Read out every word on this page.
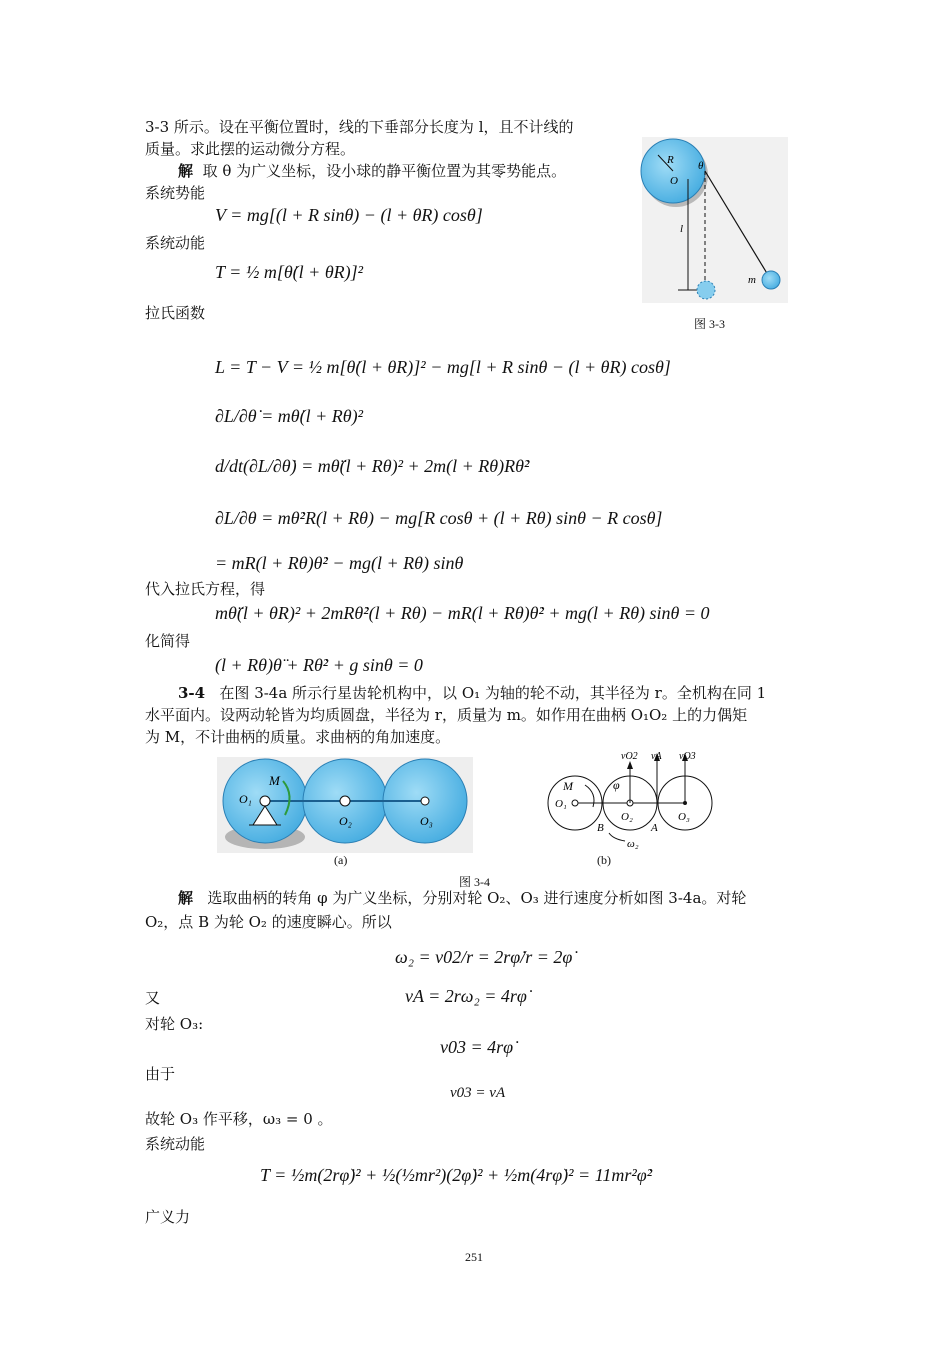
3-3 所示。设在平衡位置时，线的下垂部分长度为 l，且不计线的
质量。求此摆的运动微分方程。
解 取 θ 为广义坐标，设小球的静平衡位置为其零势能点。
系统势能
V = mg[(l + R sinθ) − (l + θR) cosθ]
系统动能
T = ½ m[θ̇(l + θR)]²
拉氏函数
L = T − V = ½ m[θ̇(l + θR)]² − mg[l + R sinθ − (l + θR) cosθ]
∂L/∂θ̇ = mθ̇(l + Rθ)²
d/dt(∂L/∂θ̇) = mθ̈(l + Rθ)² + 2m(l + Rθ)Rθ̇²
∂L/∂θ = mθ̇²R(l + Rθ) − mg[R cosθ + (l + Rθ) sinθ − R cosθ]
= mR(l + Rθ)θ̇² − mg(l + Rθ) sinθ
代入拉氏方程，得
mθ̈(l + θR)² + 2mRθ̇²(l + Rθ) − mR(l + Rθ)θ̇² + mg(l + Rθ) sinθ = 0
化简得
(l + Rθ)θ̈ + Rθ̇² + g sinθ = 0
R θ
O
l
m
图 3-3
3-4 在图 3-4a 所示行星齿轮机构中，以 O₁ 为轴的轮不动，其半径为 r。全机构在同 1
水平面内。设两动轮皆为均质圆盘，半径为 r，质量为 m。如作用在曲柄 O₁O₂ 上的力偶矩
为 M，不计曲柄的质量。求曲柄的角加速度。
M
O₁
O₂	O₃
(a)
M
O₁
O₂	O₃
B	A
φ
vO2 vA vO3
ω₂
(b)
图 3-4
解 选取曲柄的转角 φ 为广义坐标，分别对轮 O₂、O₃ 进行速度分析如图 3-4a。对轮
O₂，点 B 为轮 O₂ 的速度瞬心。所以
ω₂ = v02/r = 2rφ̇/r = 2φ̇
又	vA = 2rω₂ = 4rφ̇
对轮 O₃:
v03 = 4rφ̇
由于
v03 = vA
故轮 O₃ 作平移，ω₃ = 0 。
系统动能
T = ½m(2rφ̇)² + ½(½mr²)(2φ̇)² + ½m(4rφ̇)² = 11mr²φ̇²
广义力
251
